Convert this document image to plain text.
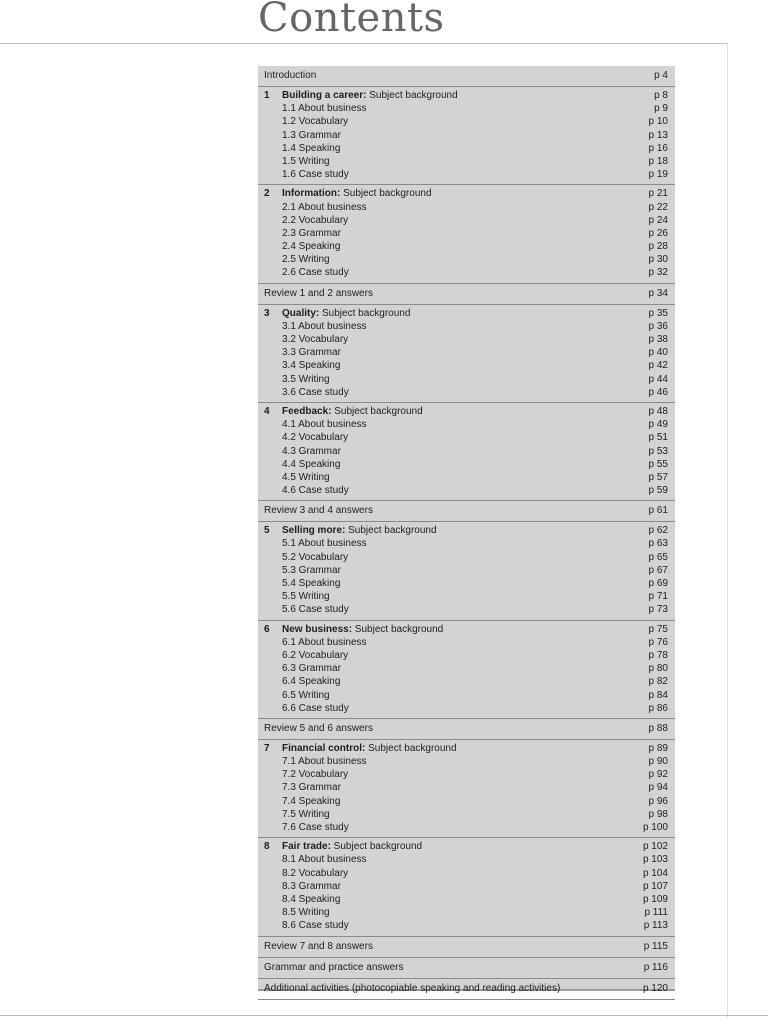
Contents
Introduction	p 4
1 Building a career: Subject background	p 8
1.1 About business	p 9
1.2 Vocabulary	p 10
1.3 Grammar	p 13
1.4 Speaking	p 16
1.5 Writing	p 18
1.6 Case study	p 19
2 Information: Subject background	p 21
2.1 About business	p 22
2.2 Vocabulary	p 24
2.3 Grammar	p 26
2.4 Speaking	p 28
2.5 Writing	p 30
2.6 Case study	p 32
Review 1 and 2 answers	p 34
3 Quality: Subject background	p 35
3.1 About business	p 36
3.2 Vocabulary	p 38
3.3 Grammar	p 40
3.4 Speaking	p 42
3.5 Writing	p 44
3.6 Case study	p 46
4 Feedback: Subject background	p 48
4.1 About business	p 49
4.2 Vocabulary	p 51
4.3 Grammar	p 53
4.4 Speaking	p 55
4.5 Writing	p 57
4.6 Case study	p 59
Review 3 and 4 answers	p 61
5 Selling more: Subject background	p 62
5.1 About business	p 63
5.2 Vocabulary	p 65
5.3 Grammar	p 67
5.4 Speaking	p 69
5.5 Writing	p 71
5.6 Case study	p 73
6 New business: Subject background	p 75
6.1 About business	p 76
6.2 Vocabulary	p 78
6.3 Grammar	p 80
6.4 Speaking	p 82
6.5 Writing	p 84
6.6 Case study	p 86
Review 5 and 6 answers	p 88
7 Financial control: Subject background	p 89
7.1 About business	p 90
7.2 Vocabulary	p 92
7.3 Grammar	p 94
7.4 Speaking	p 96
7.5 Writing	p 98
7.6 Case study	p 100
8 Fair trade: Subject background	p 102
8.1 About business	p 103
8.2 Vocabulary	p 104
8.3 Grammar	p 107
8.4 Speaking	p 109
8.5 Writing	p 111
8.6 Case study	p 113
Review 7 and 8 answers	p 115
Grammar and practice answers	p 116
Additional activities (photocopiable speaking and reading activities)	p 120
